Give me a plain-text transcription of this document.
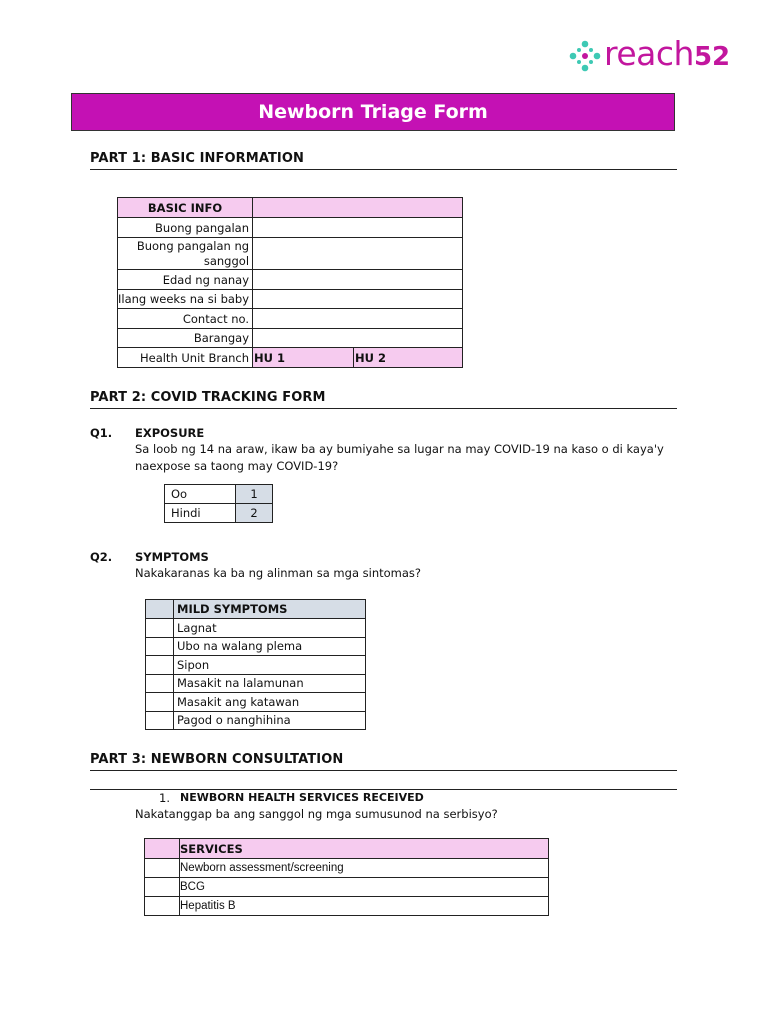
reach52
Newborn Triage Form
PART 1: BASIC INFORMATION
BASIC INFO		
Buong pangalan		
Buong pangalan ng sanggol		
Edad ng nanay		
Ilang weeks na si baby		
Contact no.		
Barangay		
Health Unit Branch	HU 1	HU 2
PART 2: COVID TRACKING FORM
Q1. EXPOSURE
Sa loob ng 14 na araw, ikaw ba ay bumiyahe sa lugar na may COVID-19 na kaso o di kaya'y naexpose sa taong may COVID-19?
Oo	1
Hindi	2
Q2. SYMPTOMS
Nakakaranas ka ba ng alinman sa mga sintomas?
	MILD SYMPTOMS
	Lagnat
	Ubo na walang plema
	Sipon
	Masakit na lalamunan
	Masakit ang katawan
	Pagod o nanghihina
PART 3: NEWBORN CONSULTATION
1. NEWBORN HEALTH SERVICES RECEIVED
Nakatanggap ba ang sanggol ng mga sumusunod na serbisyo?
	SERVICES
	Newborn assessment/screening
	BCG
	Hepatitis B
